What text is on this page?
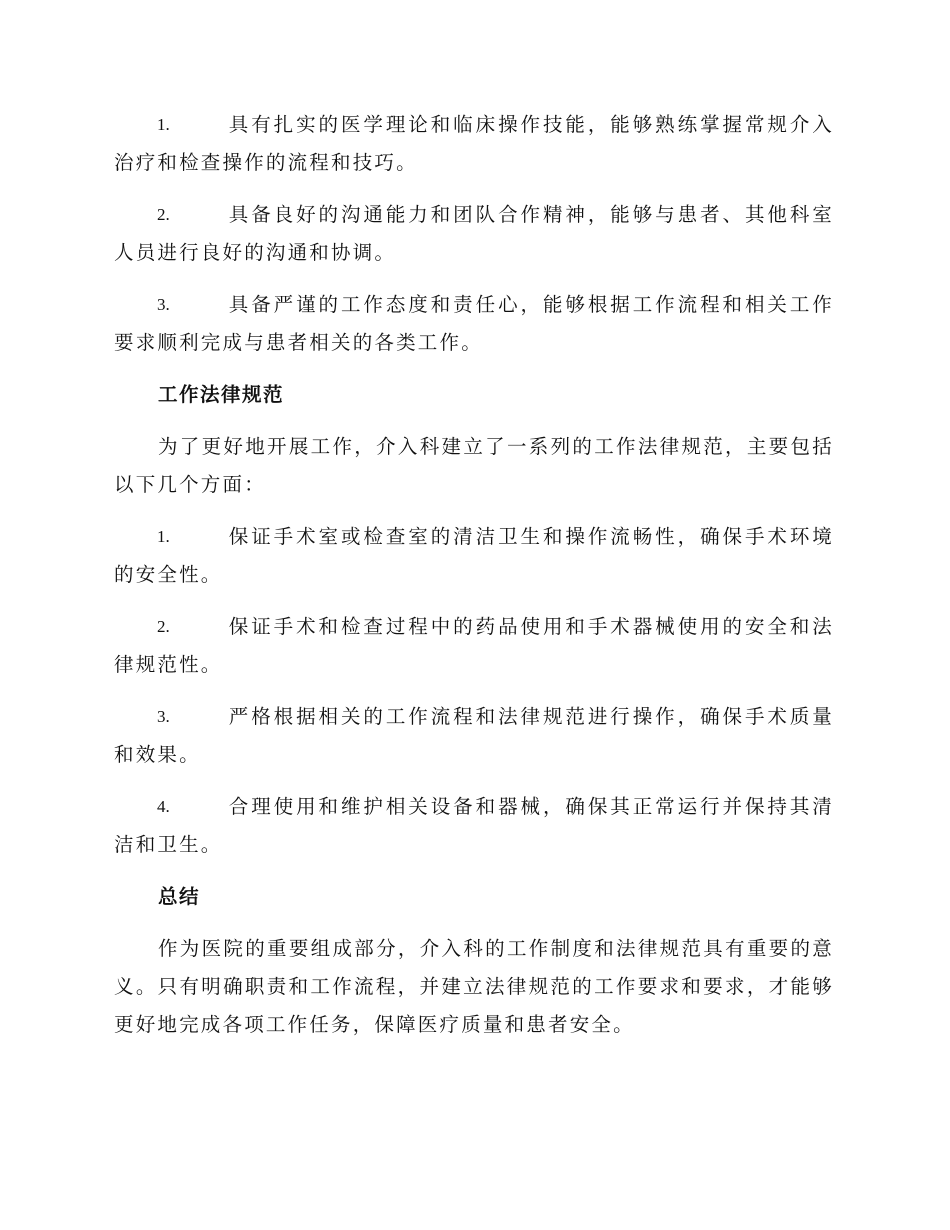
1.	具有扎实的医学理论和临床操作技能，能够熟练掌握常规介入治疗和检查操作的流程和技巧。

2.	具备良好的沟通能力和团队合作精神，能够与患者、其他科室人员进行良好的沟通和协调。

3.	具备严谨的工作态度和责任心，能够根据工作流程和相关工作要求顺利完成与患者相关的各类工作。

工作法律规范

为了更好地开展工作，介入科建立了一系列的工作法律规范，主要包括以下几个方面：

1.	保证手术室或检查室的清洁卫生和操作流畅性，确保手术环境的安全性。

2.	保证手术和检查过程中的药品使用和手术器械使用的安全和法律规范性。

3.	严格根据相关的工作流程和法律规范进行操作，确保手术质量和效果。

4.	合理使用和维护相关设备和器械，确保其正常运行并保持其清洁和卫生。

总结

作为医院的重要组成部分，介入科的工作制度和法律规范具有重要的意义。只有明确职责和工作流程，并建立法律规范的工作要求和要求，才能够更好地完成各项工作任务，保障医疗质量和患者安全。
